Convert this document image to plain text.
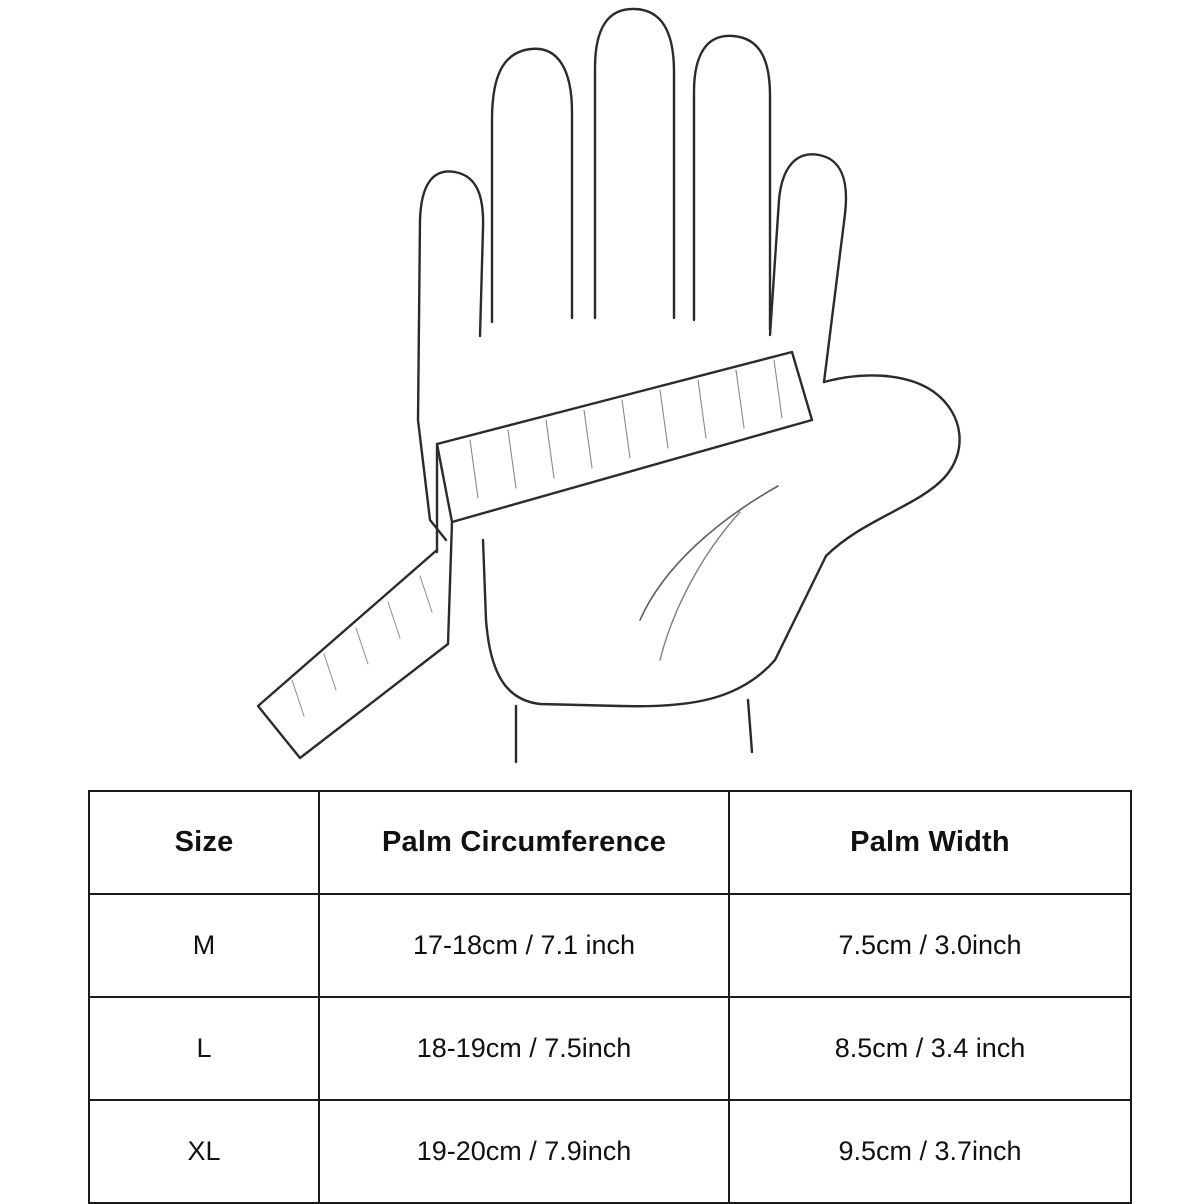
Size	Palm Circumference	Palm Width
M	17-18cm / 7.1 inch	7.5cm / 3.0inch
L	18-19cm / 7.5inch	8.5cm / 3.4 inch
XL	19-20cm / 7.9inch	9.5cm / 3.7inch
